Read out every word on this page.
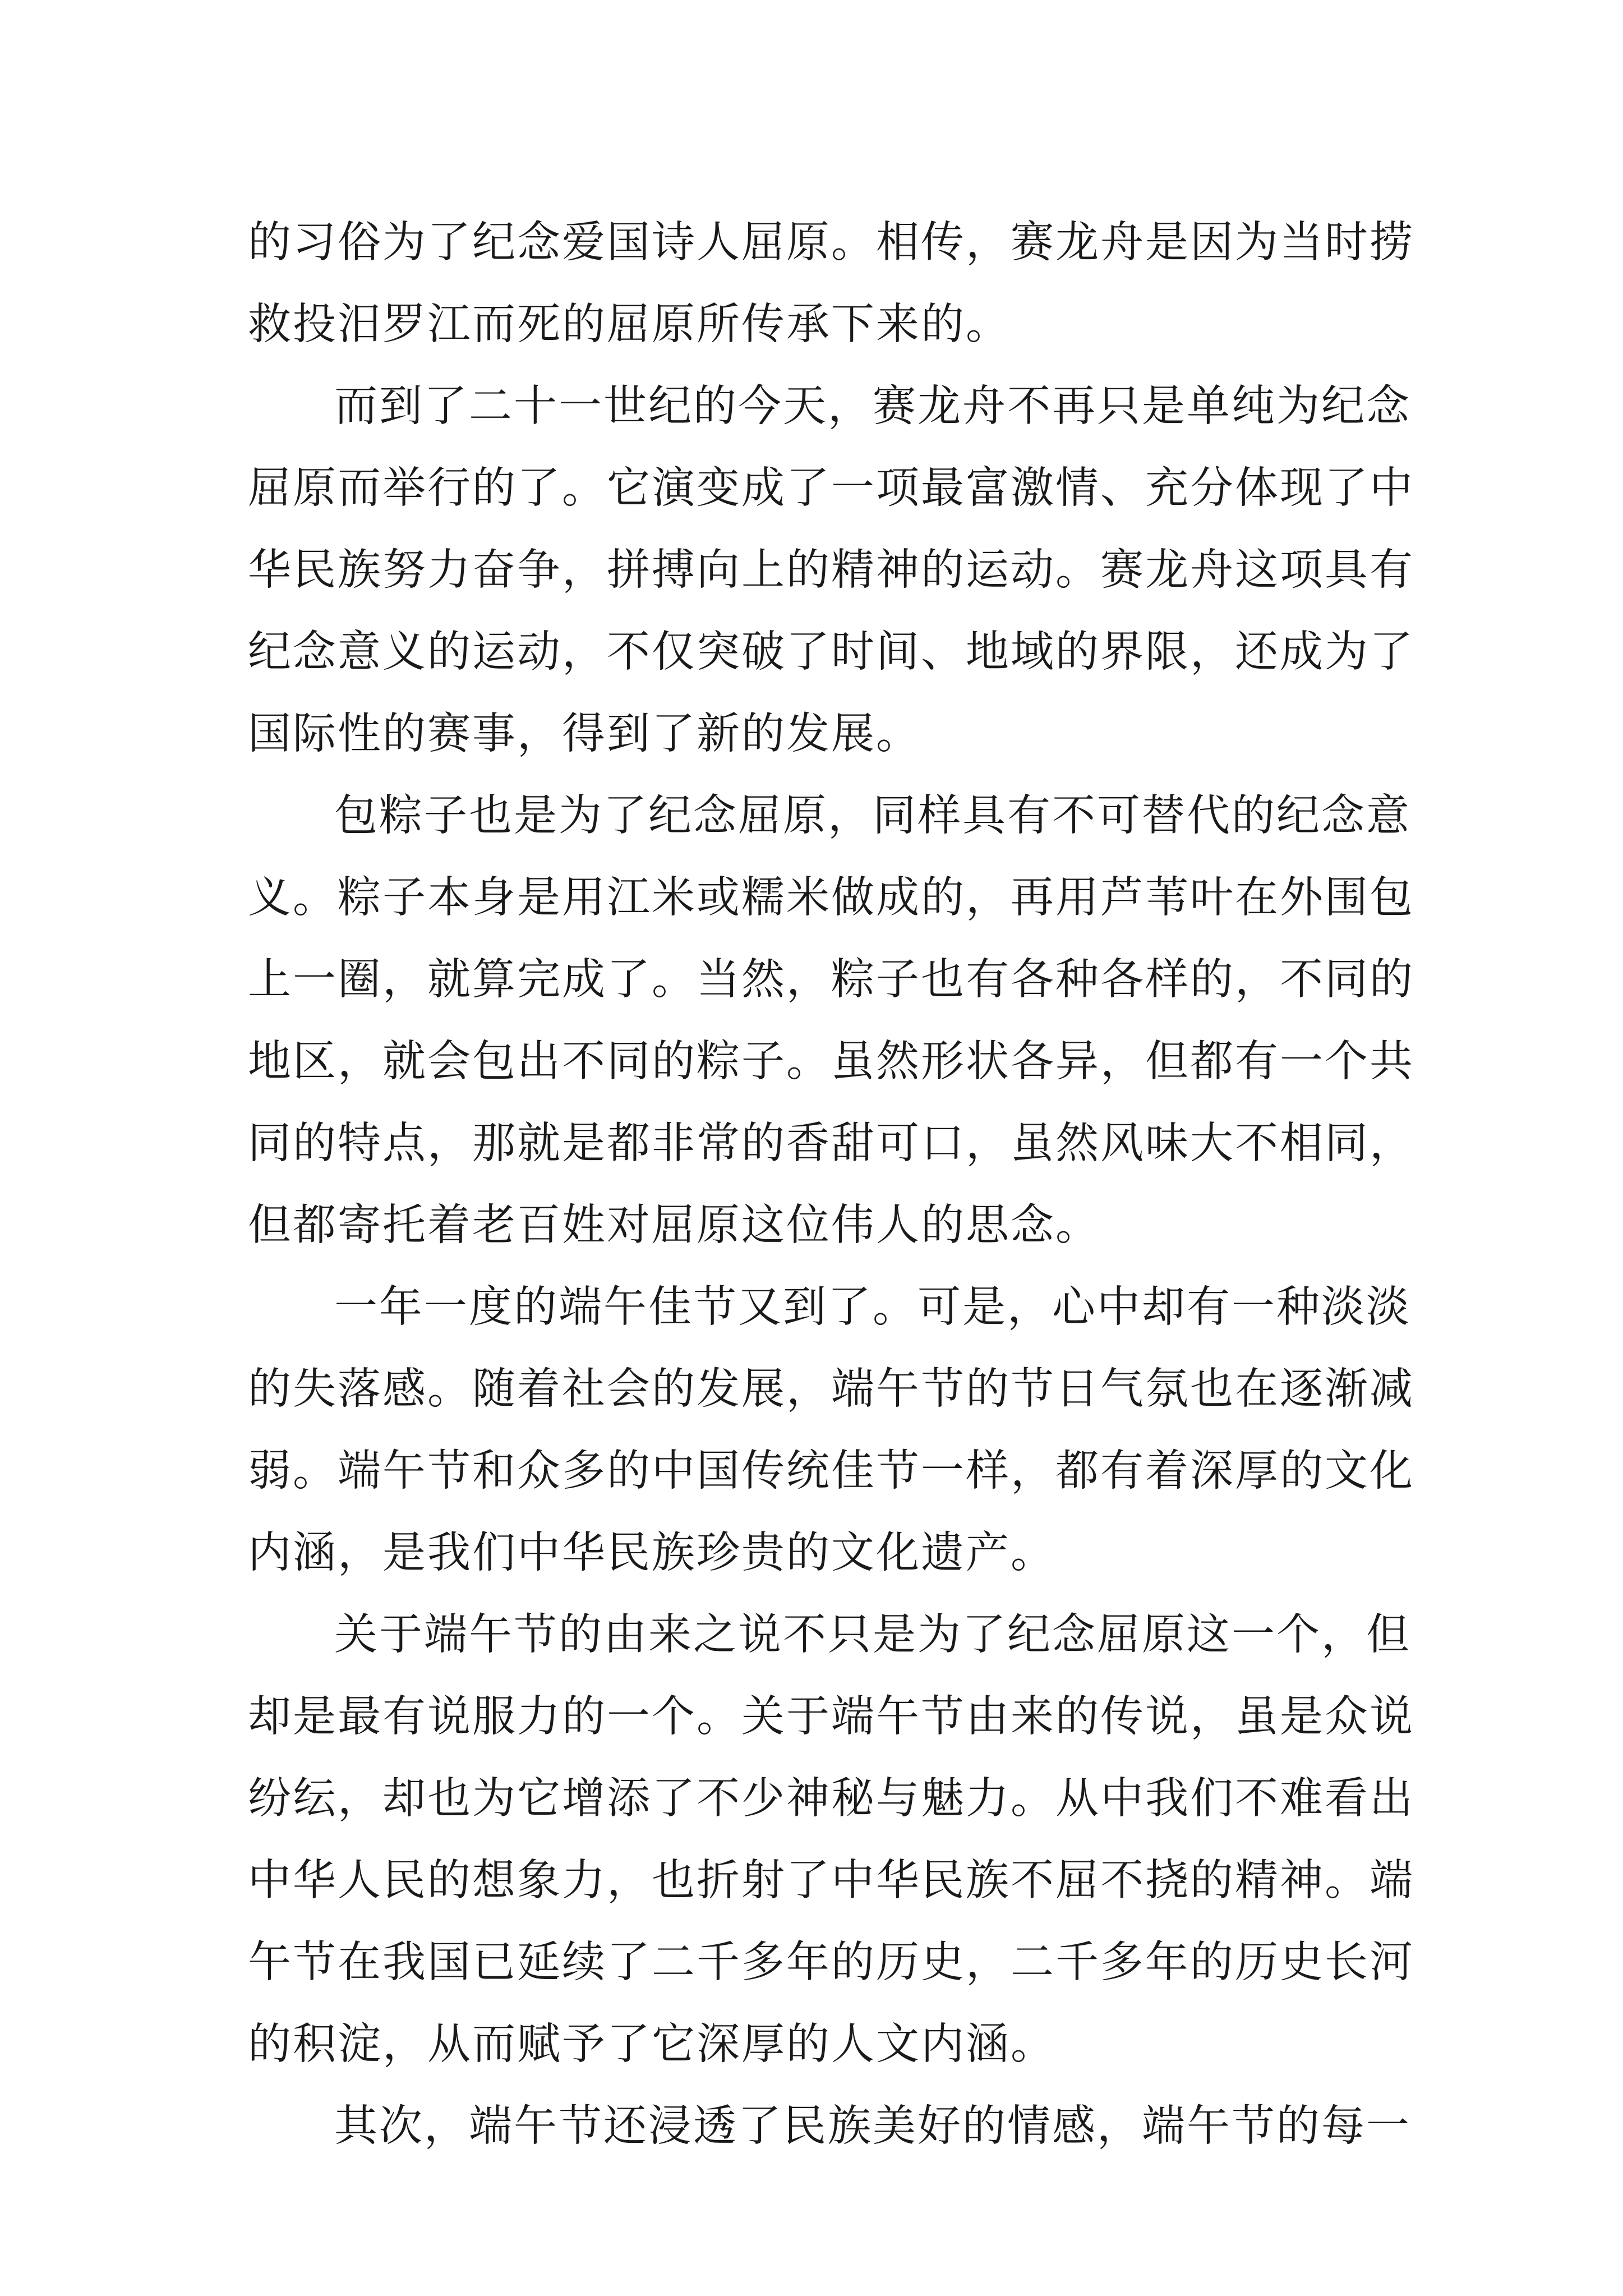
的习俗为了纪念爱国诗人屈原。相传，赛龙舟是因为当时捞
救投汨罗江而死的屈原所传承下来的。
而到了二十一世纪的今天，赛龙舟不再只是单纯为纪念
屈原而举行的了。它演变成了一项最富激情、充分体现了中
华民族努力奋争，拼搏向上的精神的运动。赛龙舟这项具有
纪念意义的运动，不仅突破了时间、地域的界限，还成为了
国际性的赛事，得到了新的发展。
包粽子也是为了纪念屈原，同样具有不可替代的纪念意
义。粽子本身是用江米或糯米做成的，再用芦苇叶在外围包
上一圈，就算完成了。当然，粽子也有各种各样的，不同的
地区，就会包出不同的粽子。虽然形状各异，但都有一个共
同的特点，那就是都非常的香甜可口，虽然风味大不相同，
但都寄托着老百姓对屈原这位伟人的思念。
一年一度的端午佳节又到了。可是，心中却有一种淡淡
的失落感。随着社会的发展，端午节的节日气氛也在逐渐减
弱。端午节和众多的中国传统佳节一样，都有着深厚的文化
内涵，是我们中华民族珍贵的文化遗产。
关于端午节的由来之说不只是为了纪念屈原这一个，但
却是最有说服力的一个。关于端午节由来的传说，虽是众说
纷纭，却也为它增添了不少神秘与魅力。从中我们不难看出
中华人民的想象力，也折射了中华民族不屈不挠的精神。端
午节在我国已延续了二千多年的历史，二千多年的历史长河
的积淀，从而赋予了它深厚的人文内涵。
其次，端午节还浸透了民族美好的情感，端午节的每一
